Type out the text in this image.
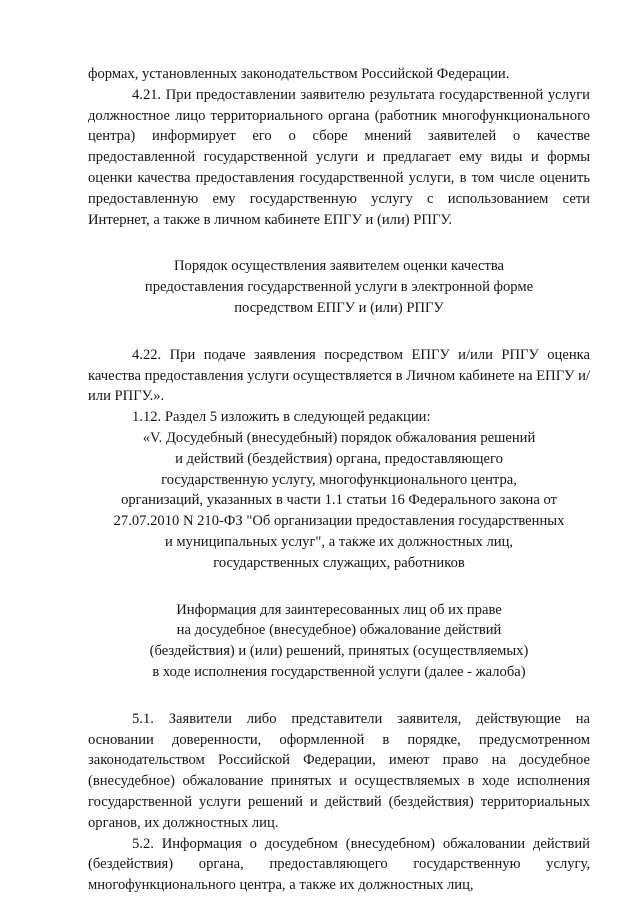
формах, установленных законодательством Российской Федерации.

4.21. При предоставлении заявителю результата государственной услуги должностное лицо территориального органа (работник многофункционального центра) информирует его о сборе мнений заявителей о качестве предоставленной государственной услуги и предлагает ему виды и формы оценки качества предоставления государственной услуги, в том числе оценить предоставленную ему государственную услугу с использованием сети Интернет, а также в личном кабинете ЕПГУ и (или) РПГУ.

Порядок осуществления заявителем оценки качества

предоставления государственной услуги в электронной форме

посредством ЕПГУ и (или) РПГУ

4.22. При подаче заявления посредством ЕПГУ и/или РПГУ оценка качества предоставления услуги осуществляется в Личном кабинете на ЕПГУ и/или РПГУ.».

1.12. Раздел 5 изложить в следующей редакции:

«V. Досудебный (внесудебный) порядок обжалования решений

и действий (бездействия) органа, предоставляющего

государственную услугу, многофункционального центра,

организаций, указанных в части 1.1 статьи 16 Федерального закона от

27.07.2010 N 210-ФЗ "Об организации предоставления государственных

и муниципальных услуг", а также их должностных лиц,

государственных служащих, работников

Информация для заинтересованных лиц об их праве

на досудебное (внесудебное) обжалование действий

(бездействия) и (или) решений, принятых (осуществляемых)

в ходе исполнения государственной услуги (далее - жалоба)

5.1. Заявители либо представители заявителя, действующие на основании доверенности, оформленной в порядке, предусмотренном законодательством Российской Федерации, имеют право на досудебное (внесудебное) обжалование принятых и осуществляемых в ходе исполнения государственной услуги решений и действий (бездействия) территориальных органов, их должностных лиц.

5.2. Информация о досудебном (внесудебном) обжаловании действий (бездействия) органа, предоставляющего государственную услугу, многофункционального центра, а также их должностных лиц,
